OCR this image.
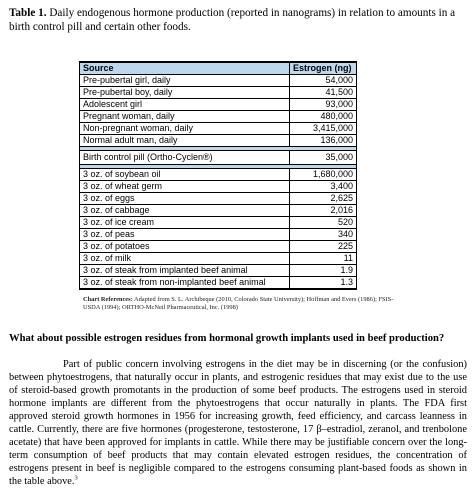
Table 1. Daily endogenous hormone production (reported in nanograms) in relation to amounts in a birth control pill and certain other foods.
Source	Estrogen (ng)
Pre-pubertal girl, daily	54,000
Pre-pubertal boy, daily	41,500
Adolescent girl	93,000
Pregnant woman, daily	480,000
Non-pregnant woman, daily	3,415,000
Normal adult man, daily	136,000

Birth control pill (Ortho-Cyclen®)	35,000

3 oz. of soybean oil	1,680,000
3 oz. of wheat germ	3,400
3 oz. of eggs	2,625
3 oz. of cabbage	2,016
3 oz. of ice cream	520
3 oz. of peas	340
3 oz. of potatoes	225
3 oz. of milk	11
3 oz. of steak from implanted beef animal	1.9
3 oz. of steak from non-implanted beef animal	1.3
Chart References: Adapted from S. L. Archibeque (2010, Colorado State University); Hoffman and Evers (1986); FSIS-USDA (1994); ORTHO-McNeil Pharmaceutical, Inc. (1998)
What about possible estrogen residues from hormonal growth implants used in beef production?
Part of public concern involving estrogens in the diet may be in discerning (or the confusion) between phytoestrogens, that naturally occur in plants, and estrogenic residues that may exist due to the use of steroid-based growth promotants in the production of some beef products. The estrogens used in steroid hormone implants are different from the phytoestrogens that occur naturally in plants. The FDA first approved steroid growth hormones in 1956 for increasing growth, feed efficiency, and carcass leanness in cattle. Currently, there are five hormones (progesterone, testosterone, 17 β–estradiol, zeranol, and trenbolone acetate) that have been approved for implants in cattle. While there may be justifiable concern over the long-term consumption of beef products that may contain elevated estrogen residues, the concentration of estrogens present in beef is negligible compared to the estrogens consuming plant-based foods as shown in the table above.$^3$
